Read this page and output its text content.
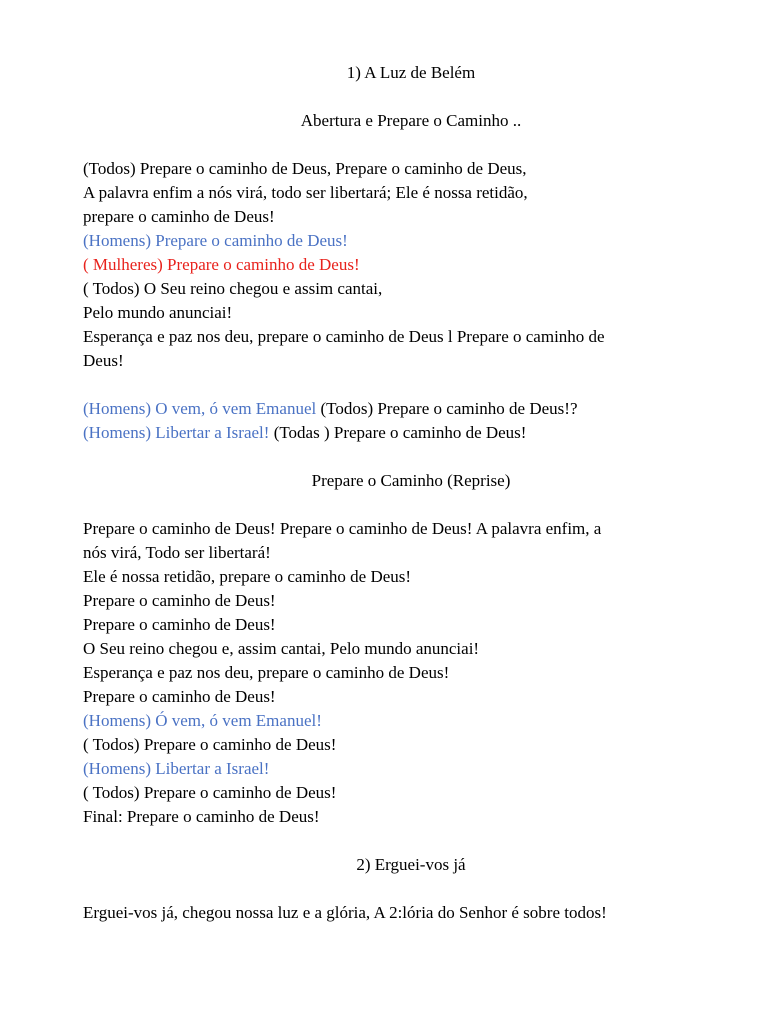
1) A Luz de Belém
Abertura e Prepare o Caminho ..
(Todos) Prepare o caminho de Deus, Prepare o caminho de Deus,
A palavra enfim a nós virá, todo ser libertará; Ele é nossa retidão,
prepare o caminho de Deus!
(Homens) Prepare o caminho de Deus!
( Mulheres) Prepare o caminho de Deus!
( Todos) O Seu reino chegou e assim cantai,
Pelo mundo anunciai!
Esperança e paz nos deu, prepare o caminho de Deus l Prepare o caminho de
Deus!
(Homens) O vem, ó vem Emanuel (Todos) Prepare o caminho de Deus!?
(Homens) Libertar a Israel! (Todas ) Prepare o caminho de Deus!
Prepare o Caminho (Reprise)
Prepare o caminho de Deus! Prepare o caminho de Deus! A palavra enfim, a
nós virá, Todo ser libertará!
Ele é nossa retidão, prepare o caminho de Deus!
Prepare o caminho de Deus!
Prepare o caminho de Deus!
O Seu reino chegou e, assim cantai, Pelo mundo anunciai!
Esperança e paz nos deu, prepare o caminho de Deus!
Prepare o caminho de Deus!
(Homens) Ó vem, ó vem Emanuel!
( Todos) Prepare o caminho de Deus!
(Homens) Libertar a Israel!
( Todos) Prepare o caminho de Deus!
Final: Prepare o caminho de Deus!
2) Erguei-vos já
Erguei-vos já, chegou nossa luz e a glória, A 2:lória do Senhor é sobre todos!
